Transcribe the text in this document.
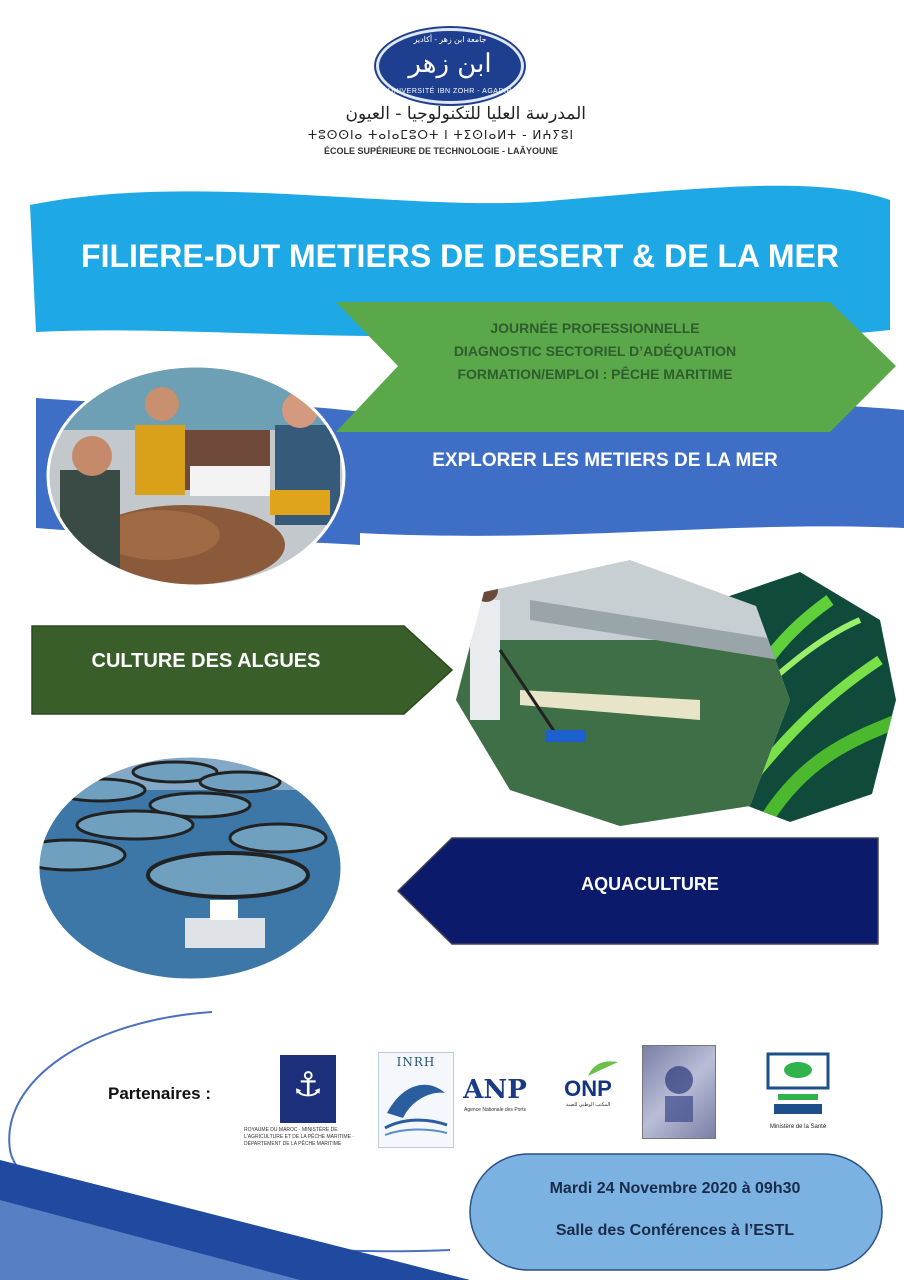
جامعة ابن زهر - أكادير
ابن زهر
UNIVERSITÉ IBN ZOHR - AGADIR
المدرسة العليا للتكنولوجيا - العيون
ⵜⵓⵙⵙⵏⴰ ⵜⴰⵏⴰⵎⵓⵔⵜ ⵏ ⵜⵉⵙⵏⴰⵍⵜ - ⵍⵄⵢⵓⵏ
ÉCOLE SUPÉRIEURE DE TECHNOLOGIE - LAÂYOUNE
FILIERE-DUT METIERS DE DESERT & DE LA MER
JOURNÉE PROFESSIONNELLE
DIAGNOSTIC SECTORIEL D’ADÉQUATION
FORMATION/EMPLOI : PÊCHE MARITIME
EXPLORER LES METIERS DE LA MER
CULTURE DES ALGUES
AQUACULTURE
Partenaires :	⚓
ROYAUME DU MAROC · MINISTÈRE DE L'AGRICULTURE ET DE LA PÊCHE MARITIME · DÉPARTEMENT DE LA PÊCHE MARITIME
INRH
ANP
Agence Nationale des Ports
ONP
المكتب الوطني للصيد
Ministère de la Santé
Mardi 24 Novembre 2020 à 09h30
Salle des Conférences à l’ESTL
